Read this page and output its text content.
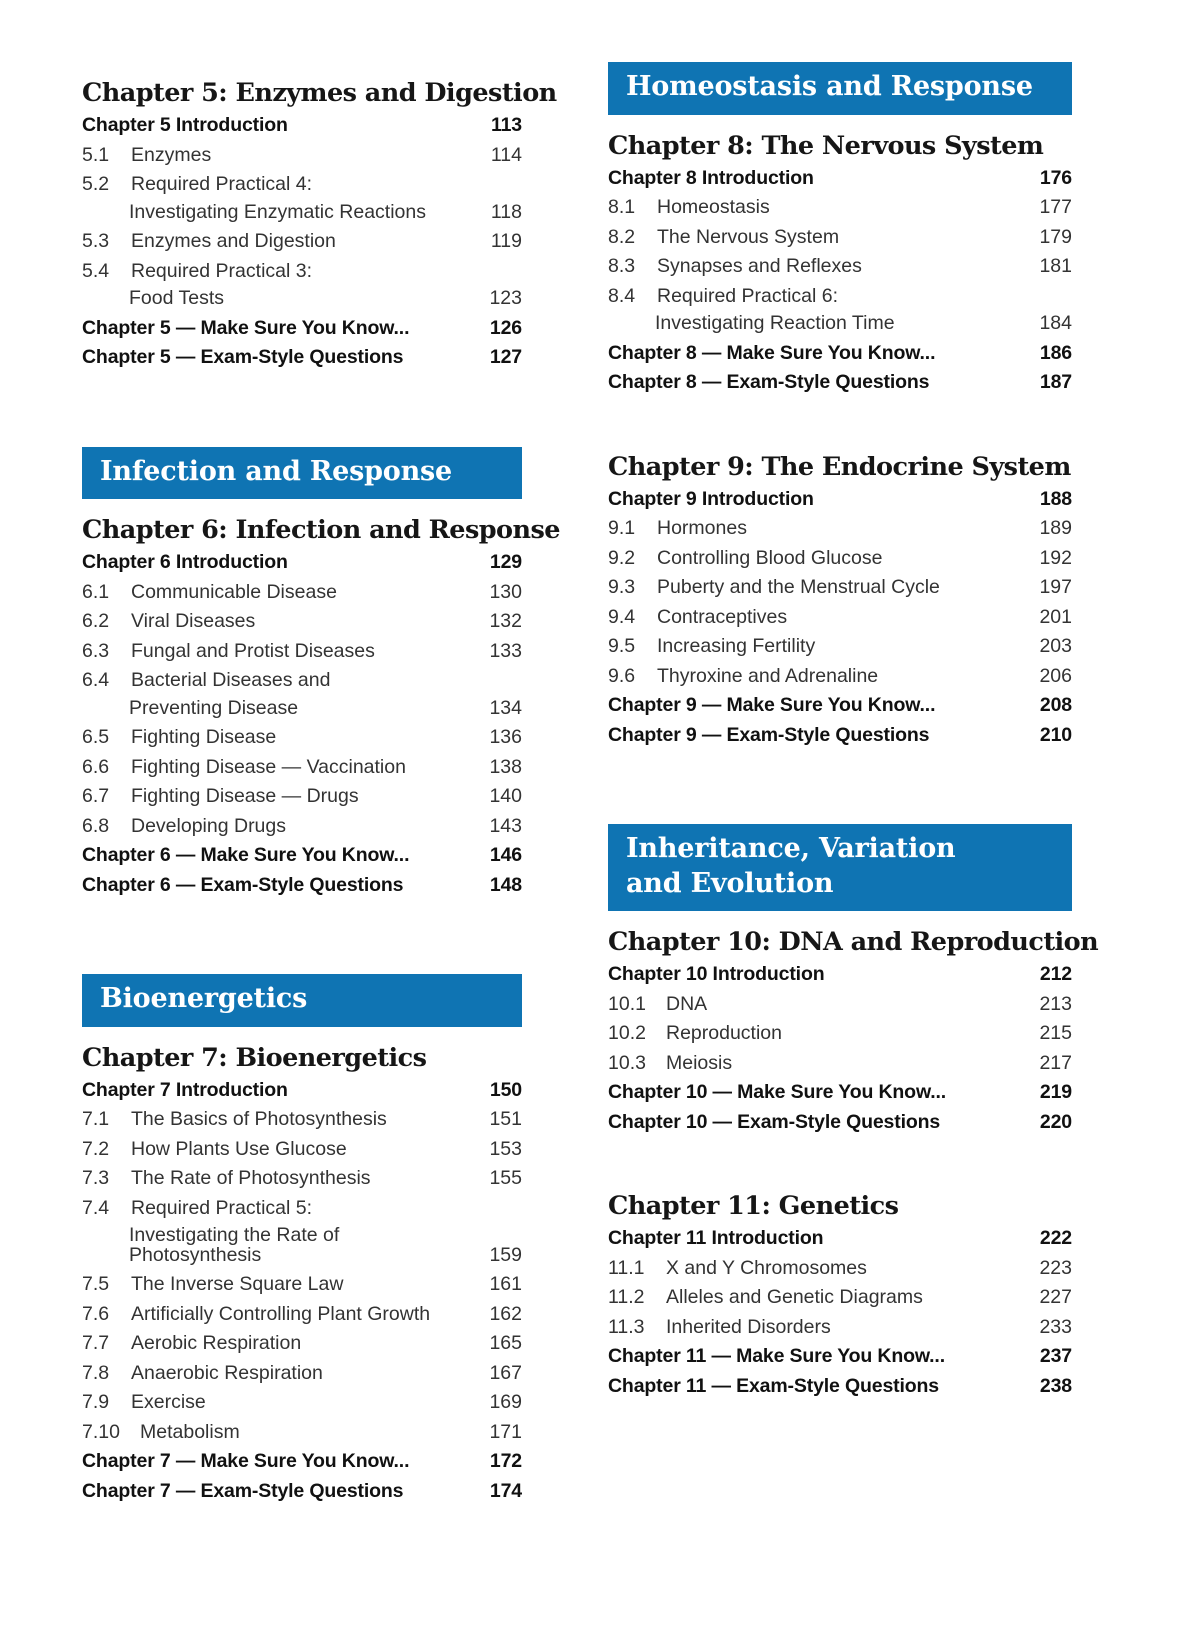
Chapter 5: Enzymes and Digestion
Chapter 5 Introduction	113
5.1	Enzymes	114
5.2	Required Practical 4:
Investigating Enzymatic Reactions	118
5.3	Enzymes and Digestion	119
5.4	Required Practical 3:
Food Tests	123
Chapter 5 — Make Sure You Know...	126
Chapter 5 — Exam-Style Questions	127
Infection and Response
Chapter 6: Infection and Response
Chapter 6 Introduction	129
6.1	Communicable Disease	130
6.2	Viral Diseases	132
6.3	Fungal and Protist Diseases	133
6.4	Bacterial Diseases and
Preventing Disease	134
6.5	Fighting Disease	136
6.6	Fighting Disease — Vaccination	138
6.7	Fighting Disease — Drugs	140
6.8	Developing Drugs	143
Chapter 6 — Make Sure You Know...	146
Chapter 6 — Exam-Style Questions	148
Bioenergetics
Chapter 7: Bioenergetics
Chapter 7 Introduction	150
7.1	The Basics of Photosynthesis	151
7.2	How Plants Use Glucose	153
7.3	The Rate of Photosynthesis	155
7.4	Required Practical 5:
Investigating the Rate of Photosynthesis	159
7.5	The Inverse Square Law	161
7.6	Artificially Controlling Plant Growth	162
7.7	Aerobic Respiration	165
7.8	Anaerobic Respiration	167
7.9	Exercise	169
7.10	Metabolism	171
Chapter 7 — Make Sure You Know...	172
Chapter 7 — Exam-Style Questions	174
Homeostasis and Response
Chapter 8: The Nervous System
Chapter 8 Introduction	176
8.1	Homeostasis	177
8.2	The Nervous System	179
8.3	Synapses and Reflexes	181
8.4	Required Practical 6:
Investigating Reaction Time	184
Chapter 8 — Make Sure You Know...	186
Chapter 8 — Exam-Style Questions	187
Chapter 9: The Endocrine System
Chapter 9 Introduction	188
9.1	Hormones	189
9.2	Controlling Blood Glucose	192
9.3	Puberty and the Menstrual Cycle	197
9.4	Contraceptives	201
9.5	Increasing Fertility	203
9.6	Thyroxine and Adrenaline	206
Chapter 9 — Make Sure You Know...	208
Chapter 9 — Exam-Style Questions	210
Inheritance, Variation
and Evolution
Chapter 10: DNA and Reproduction
Chapter 10 Introduction	212
10.1	DNA	213
10.2	Reproduction	215
10.3	Meiosis	217
Chapter 10 — Make Sure You Know...	219
Chapter 10 — Exam-Style Questions	220
Chapter 11: Genetics
Chapter 11 Introduction	222
11.1	X and Y Chromosomes	223
11.2	Alleles and Genetic Diagrams	227
11.3	Inherited Disorders	233
Chapter 11 — Make Sure You Know...	237
Chapter 11 — Exam-Style Questions	238
